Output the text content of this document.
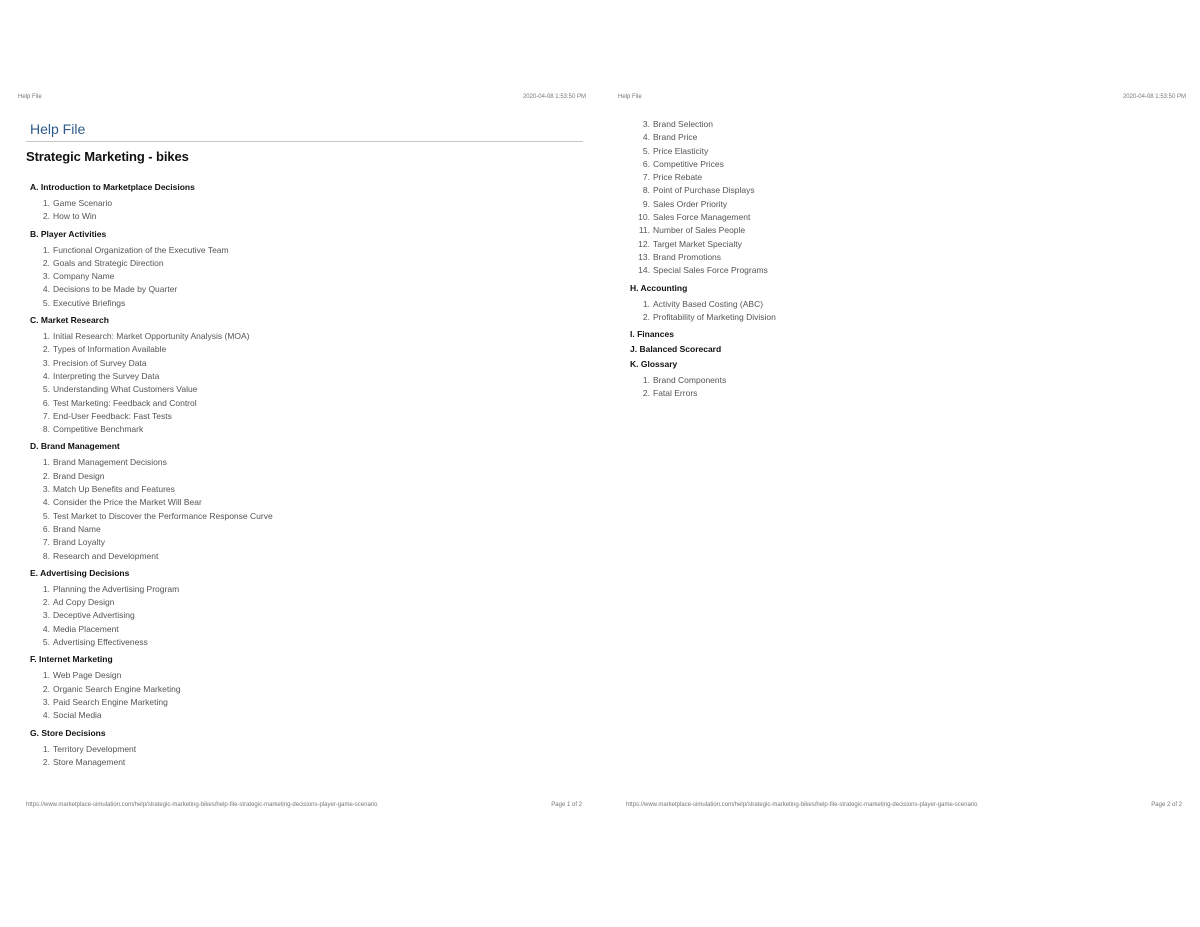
Help File	2020-04-08 1:53:50 PM
Help File
Strategic Marketing - bikes
A. Introduction to Marketplace Decisions
1. Game Scenario
2. How to Win
B. Player Activities
1. Functional Organization of the Executive Team
2. Goals and Strategic Direction
3. Company Name
4. Decisions to be Made by Quarter
5. Executive Briefings
C. Market Research
1. Initial Research: Market Opportunity Analysis (MOA)
2. Types of Information Available
3. Precision of Survey Data
4. Interpreting the Survey Data
5. Understanding What Customers Value
6. Test Marketing: Feedback and Control
7. End-User Feedback: Fast Tests
8. Competitive Benchmark
D. Brand Management
1. Brand Management Decisions
2. Brand Design
3. Match Up Benefits and Features
4. Consider the Price the Market Will Bear
5. Test Market to Discover the Performance Response Curve
6. Brand Name
7. Brand Loyalty
8. Research and Development
E. Advertising Decisions
1. Planning the Advertising Program
2. Ad Copy Design
3. Deceptive Advertising
4. Media Placement
5. Advertising Effectiveness
F. Internet Marketing
1. Web Page Design
2. Organic Search Engine Marketing
3. Paid Search Engine Marketing
4. Social Media
G. Store Decisions
1. Territory Development
2. Store Management
https://www.marketplace-simulation.com/help/strategic-marketing-bikes/help-file-strategic-marketing-decisions-player-game-scenario	Page 1 of 2
Help File	2020-04-08 1:53:50 PM
3. Brand Selection
4. Brand Price
5. Price Elasticity
6. Competitive Prices
7. Price Rebate
8. Point of Purchase Displays
9. Sales Order Priority
10. Sales Force Management
11. Number of Sales People
12. Target Market Specialty
13. Brand Promotions
14. Special Sales Force Programs
H. Accounting
1. Activity Based Costing (ABC)
2. Profitability of Marketing Division
I. Finances
J. Balanced Scorecard
K. Glossary
1. Brand Components
2. Fatal Errors
https://www.marketplace-simulation.com/help/strategic-marketing-bikes/help-file-strategic-marketing-decisions-player-game-scenario	Page 2 of 2
